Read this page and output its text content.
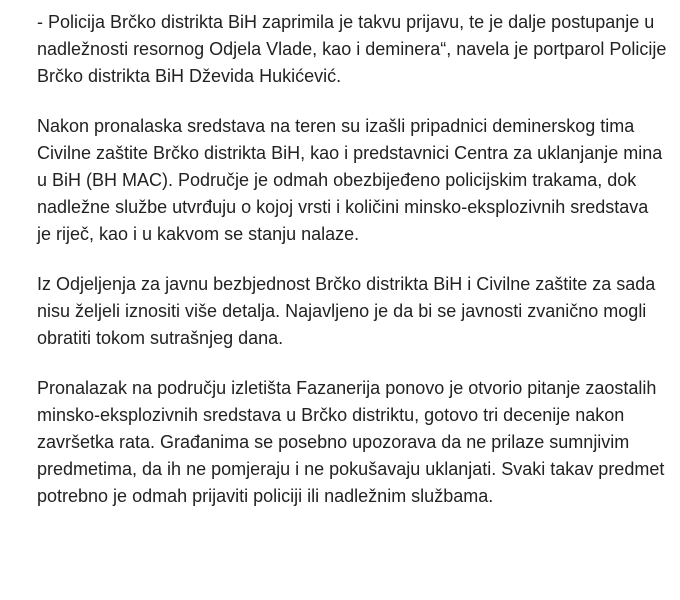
- Policija Brčko distrikta BiH zaprimila je takvu prijavu, te je dalje postupanje u nadležnosti resornog Odjela Vlade, kao i deminera“, navela je portparol Policije Brčko distrikta BiH Dževida Hukićević.

Nakon pronalaska sredstava na teren su izašli pripadnici deminerskog tima Civilne zaštite Brčko distrikta BiH, kao i predstavnici Centra za uklanjanje mina u BiH (BH MAC). Područje je odmah obezbijeđeno policijskim trakama, dok nadležne službe utvrđuju o kojoj vrsti i količini minsko-eksplozivnih sredstava je riječ, kao i u kakvom se stanju nalaze.

Iz Odjeljenja za javnu bezbjednost Brčko distrikta BiH i Civilne zaštite za sada nisu željeli iznositi više detalja. Najavljeno je da bi se javnosti zvanično mogli obratiti tokom sutrašnjeg dana.

Pronalazak na području izletišta Fazanerija ponovo je otvorio pitanje zaostalih minsko-eksplozivnih sredstava u Brčko distriktu, gotovo tri decenije nakon završetka rata. Građanima se posebno upozorava da ne prilaze sumnjivim predmetima, da ih ne pomjeraju i ne pokušavaju uklanjati. Svaki takav predmet potrebno je odmah prijaviti policiji ili nadležnim službama.
